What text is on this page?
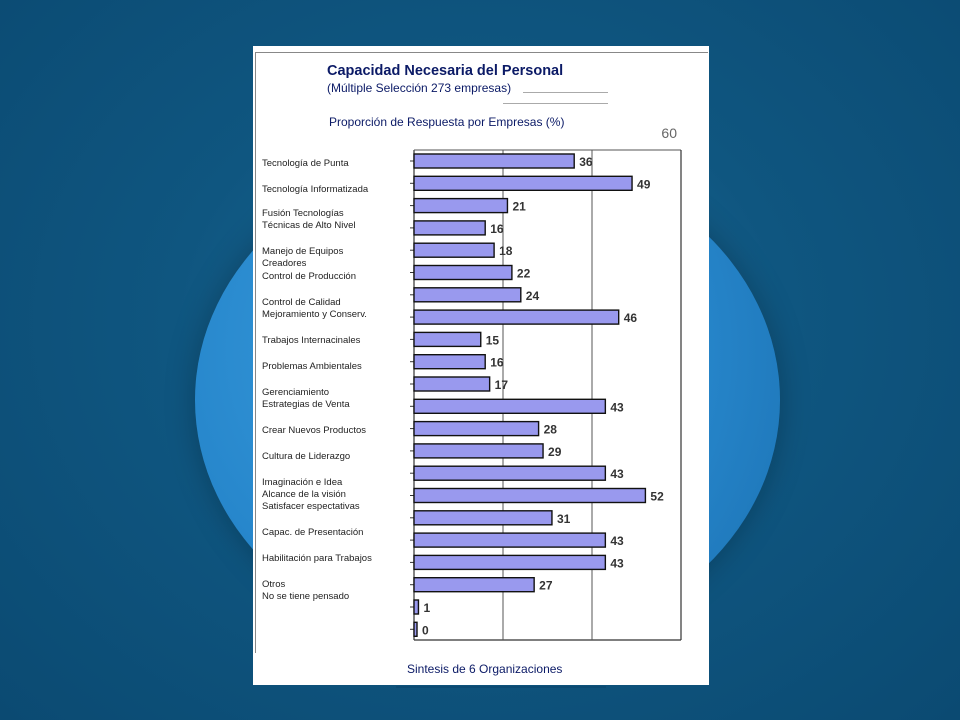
Capacidad Necesaria del Personal
(Múltiple Selección 273 empresas)
Proporción de Respuesta por Empresas (%)
Tecnología de Punta
Tecnología Informatizada
Fusión Tecnologías
Técnicas de Alto Nivel
Manejo de Equipos
Creadores
Control de Producción
Control de Calidad
Mejoramiento y Conserv.
Trabajos Internacinales
Problemas Ambientales
Gerenciamiento
Estrategias de Venta
Crear Nuevos Productos
Cultura de Liderazgo
Imaginación e Idea
Alcance de la visión
Satisfacer espectativas
Capac. de Presentación
Habilitación para Trabajos
Otros
No se tiene pensado
60
36
49
21
16
18
22
24
46
15
16
17
43
28
29
43
52
31
43
43
27
1
0
Sintesis de 6 Organizaciones
